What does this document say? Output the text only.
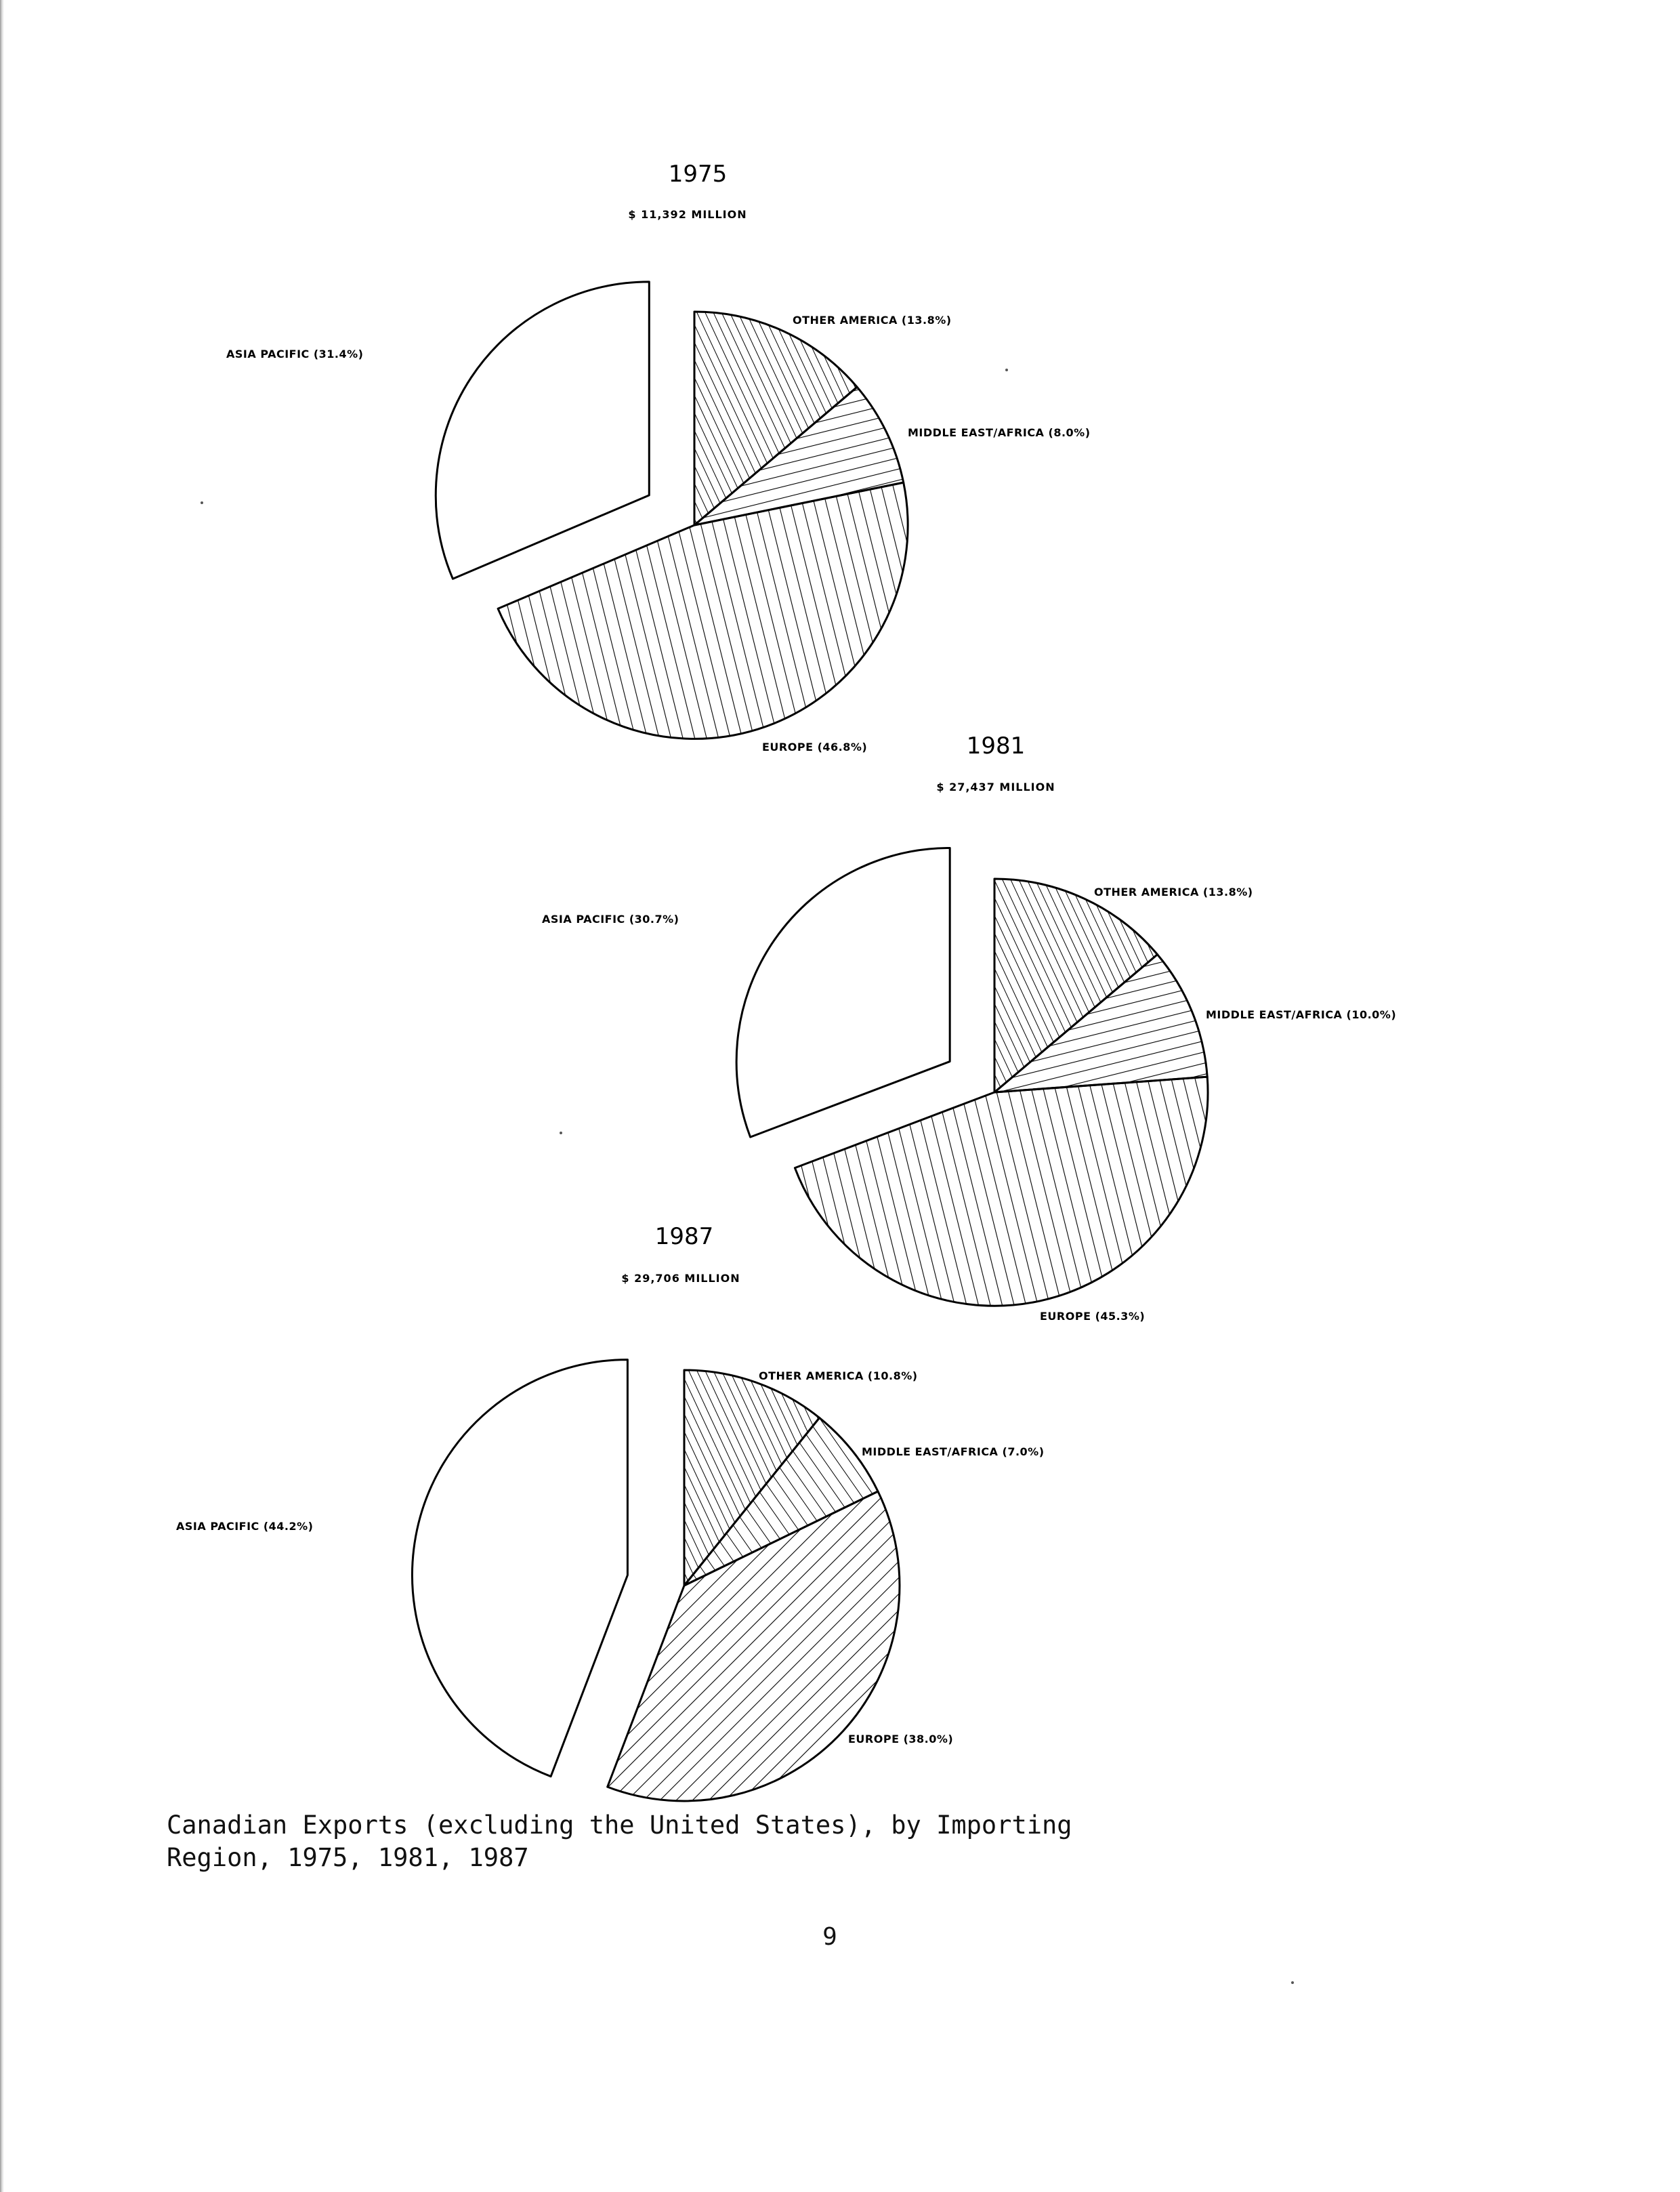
1975
$ 11,392 MILLION
OTHER AMERICA (13.8%)
MIDDLE EAST/AFRICA (8.0%)
EUROPE (46.8%)
ASIA PACIFIC (31.4%)
1981
$ 27,437 MILLION
OTHER AMERICA (13.8%)
MIDDLE EAST/AFRICA (10.0%)
EUROPE (45.3%)
ASIA PACIFIC (30.7%)
1987
$ 29,706 MILLION
OTHER AMERICA (10.8%)
MIDDLE EAST/AFRICA (7.0%)
EUROPE (38.0%)
ASIA PACIFIC (44.2%)

Canadian Exports (excluding the United States), by Importing
Region, 1975, 1981, 1987

9
